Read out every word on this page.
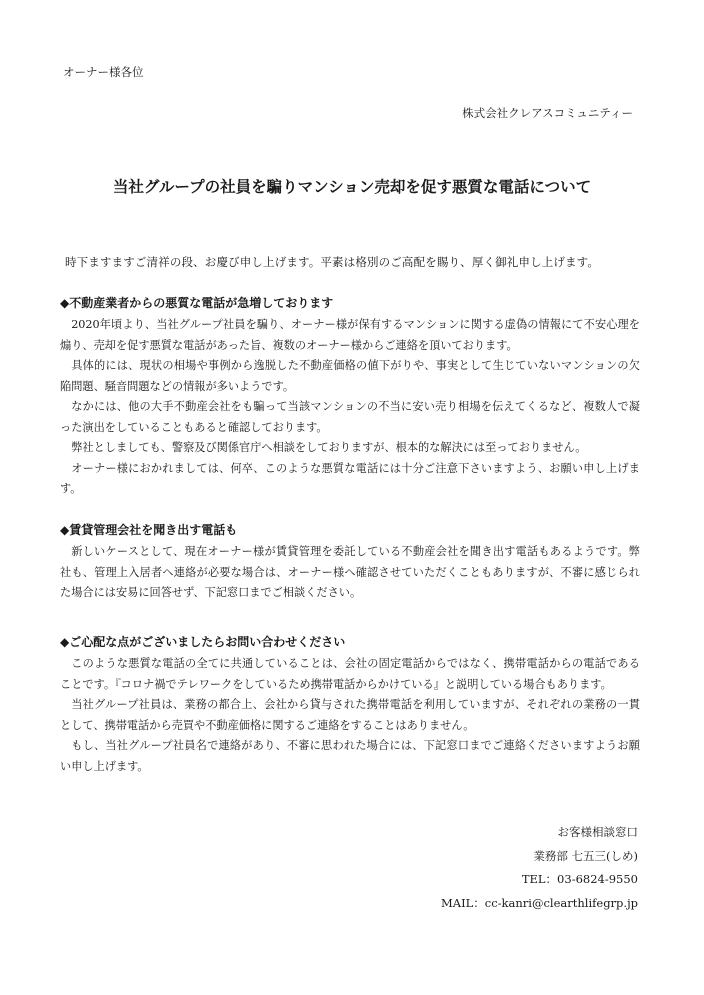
オーナー様各位
株式会社クレアスコミュニティー
当社グループの社員を騙りマンション売却を促す悪質な電話について
時下ますますご清祥の段、お慶び申し上げます。平素は格別のご高配を賜り、厚く御礼申し上げます。
◆不動産業者からの悪質な電話が急増しております

2020年頃より、当社グループ社員を騙り、オーナー様が保有するマンションに関する虚偽の情報にて不安心理を煽り、売却を促す悪質な電話があった旨、複数のオーナー様からご連絡を頂いております。

具体的には、現状の相場や事例から逸脱した不動産価格の値下がりや、事実として生じていないマンションの欠陥問題、騒音問題などの情報が多いようです。

なかには、他の大手不動産会社をも騙って当該マンションの不当に安い売り相場を伝えてくるなど、複数人で凝った演出をしていることもあると確認しております。

弊社としましても、警察及び関係官庁へ相談をしておりますが、根本的な解決には至っておりません。

オーナー様におかれましては、何卒、このような悪質な電話には十分ご注意下さいますよう、お願い申し上げます。

◆賃貸管理会社を聞き出す電話も

新しいケースとして、現在オーナー様が賃貸管理を委託している不動産会社を聞き出す電話もあるようです。弊社も、管理上入居者へ連絡が必要な場合は、オーナー様へ確認させていただくこともありますが、不審に感じられた場合には安易に回答せず、下記窓口までご相談ください。

◆ご心配な点がございましたらお問い合わせください

このような悪質な電話の全てに共通していることは、会社の固定電話からではなく、携帯電話からの電話であることです。『コロナ禍でテレワークをしているため携帯電話からかけている』と説明している場合もあります。

当社グループ社員は、業務の都合上、会社から貸与された携帯電話を利用していますが、それぞれの業務の一貫として、携帯電話から売買や不動産価格に関するご連絡をすることはありません。

もし、当社グループ社員名で連絡があり、不審に思われた場合には、下記窓口までご連絡くださいますようお願い申し上げます。

お客様相談窓口
業務部 七五三(しめ)
TEL：03-6824-9550
MAIL：cc-kanri@clearthlifegrp.jp
